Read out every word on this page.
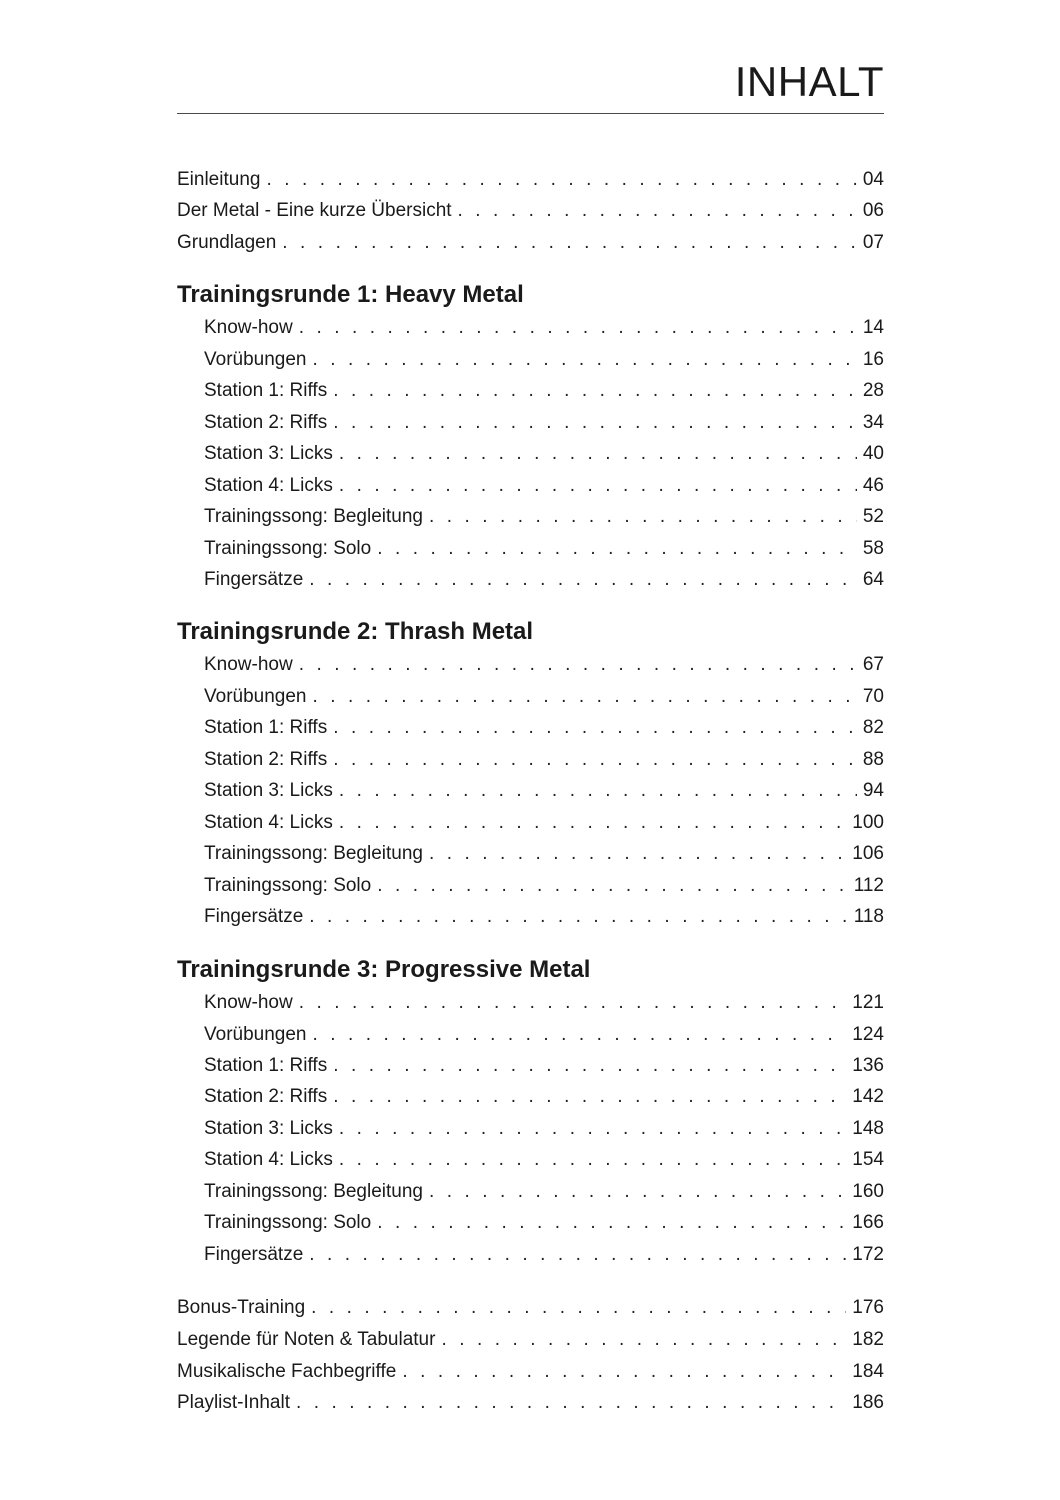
INHALT
Einleitung . . .	04
Der Metal - Eine kurze Übersicht . . .	06
Grundlagen . . .	07
Trainingsrunde 1: Heavy Metal
Know-how . . .	14
Vorübungen . . .	16
Station 1: Riffs . . .	28
Station 2: Riffs . . .	34
Station 3: Licks . . .	40
Station 4: Licks . . .	46
Trainingssong: Begleitung . . .	52
Trainingssong: Solo . . .	58
Fingersätze . . .	64
Trainingsrunde 2: Thrash Metal
Know-how . . .	67
Vorübungen . . .	70
Station 1: Riffs . . .	82
Station 2: Riffs . . .	88
Station 3: Licks . . .	94
Station 4: Licks . . .	100
Trainingssong: Begleitung . . .	106
Trainingssong: Solo . . .	112
Fingersätze . . .	118
Trainingsrunde 3: Progressive Metal
Know-how . . .	121
Vorübungen . . .	124
Station 1: Riffs . . .	136
Station 2: Riffs . . .	142
Station 3: Licks . . .	148
Station 4: Licks . . .	154
Trainingssong: Begleitung . . .	160
Trainingssong: Solo . . .	166
Fingersätze . . .	172
Bonus-Training . . .	176
Legende für Noten & Tabulatur . . .	182
Musikalische Fachbegriffe . . .	184
Playlist-Inhalt . . .	186
